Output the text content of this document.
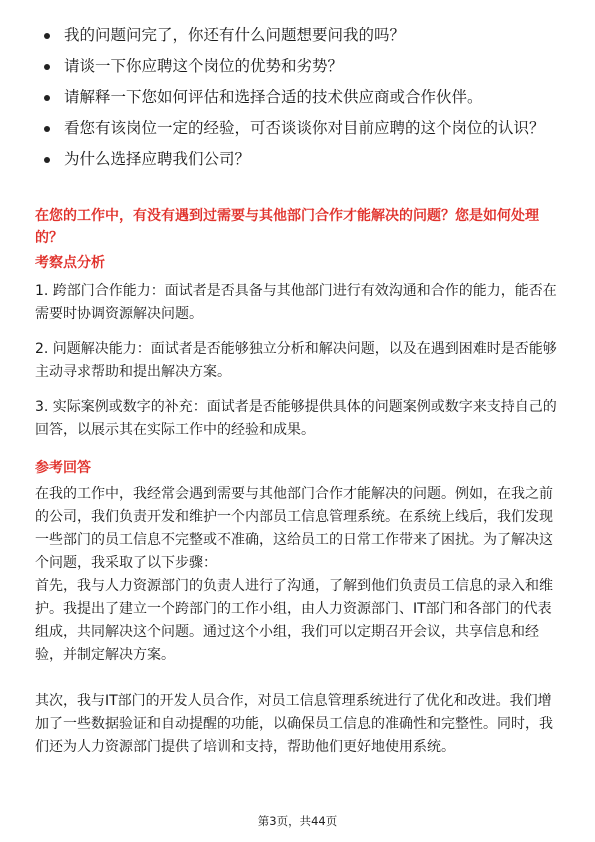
我的问题问完了，你还有什么问题想要问我的吗？
请谈一下你应聘这个岗位的优势和劣势？
请解释一下您如何评估和选择合适的技术供应商或合作伙伴。
看您有该岗位一定的经验，可否谈谈你对目前应聘的这个岗位的认识？
为什么选择应聘我们公司？

在您的工作中，有没有遇到过需要与其他部门合作才能解决的问题？您是如何处理的？

考察点分析

1. 跨部门合作能力：面试者是否具备与其他部门进行有效沟通和合作的能力，能否在需要时协调资源解决问题。

2. 问题解决能力：面试者是否能够独立分析和解决问题，以及在遇到困难时是否能够主动寻求帮助和提出解决方案。

3. 实际案例或数字的补充：面试者是否能够提供具体的问题案例或数字来支持自己的回答，以展示其在实际工作中的经验和成果。

参考回答

在我的工作中，我经常会遇到需要与其他部门合作才能解决的问题。例如，在我之前的公司，我们负责开发和维护一个内部员工信息管理系统。在系统上线后，我们发现一些部门的员工信息不完整或不准确，这给员工的日常工作带来了困扰。为了解决这个问题，我采取了以下步骤：

首先，我与人力资源部门的负责人进行了沟通，了解到他们负责员工信息的录入和维护。我提出了建立一个跨部门的工作小组，由人力资源部门、IT部门和各部门的代表组成，共同解决这个问题。通过这个小组，我们可以定期召开会议，共享信息和经验，并制定解决方案。

其次，我与IT部门的开发人员合作，对员工信息管理系统进行了优化和改进。我们增加了一些数据验证和自动提醒的功能，以确保员工信息的准确性和完整性。同时，我们还为人力资源部门提供了培训和支持，帮助他们更好地使用系统。

第3页，共44页
